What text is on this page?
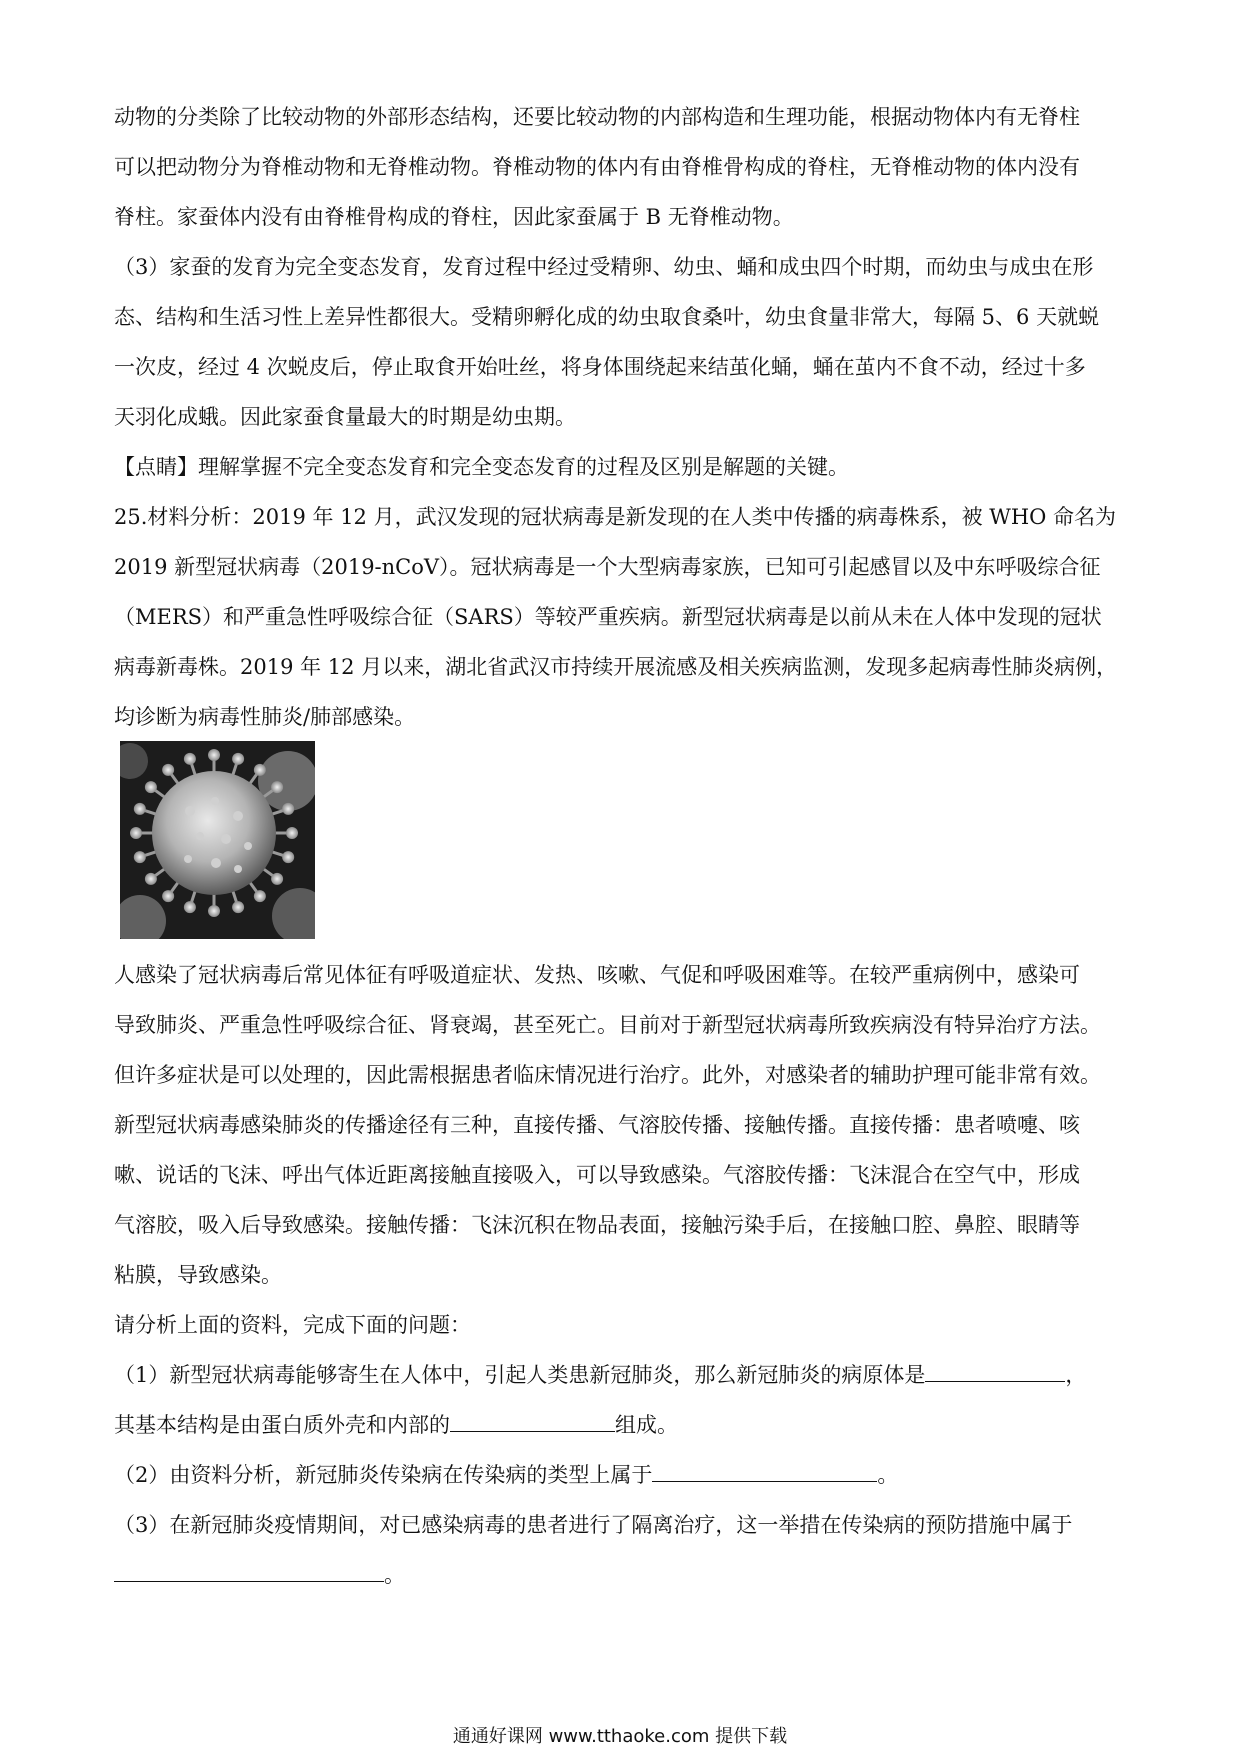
动物的分类除了比较动物的外部形态结构，还要比较动物的内部构造和生理功能，根据动物体内有无脊柱

可以把动物分为脊椎动物和无脊椎动物。脊椎动物的体内有由脊椎骨构成的脊柱，无脊椎动物的体内没有

脊柱。家蚕体内没有由脊椎骨构成的脊柱，因此家蚕属于 B 无脊椎动物。

（3）家蚕的发育为完全变态发育，发育过程中经过受精卵、幼虫、蛹和成虫四个时期，而幼虫与成虫在形

态、结构和生活习性上差异性都很大。受精卵孵化成的幼虫取食桑叶，幼虫食量非常大，每隔 5、6 天就蜕

一次皮，经过 4 次蜕皮后，停止取食开始吐丝，将身体围绕起来结茧化蛹，蛹在茧内不食不动，经过十多

天羽化成蛾。因此家蚕食量最大的时期是幼虫期。

【点睛】理解掌握不完全变态发育和完全变态发育的过程及区别是解题的关键。

25.材料分析：2019 年 12 月，武汉发现的冠状病毒是新发现的在人类中传播的病毒株系，被 WHO 命名为

2019 新型冠状病毒（2019-nCoV）。冠状病毒是一个大型病毒家族，已知可引起感冒以及中东呼吸综合征

（MERS）和严重急性呼吸综合征（SARS）等较严重疾病。新型冠状病毒是以前从未在人体中发现的冠状

病毒新毒株。2019 年 12 月以来，湖北省武汉市持续开展流感及相关疾病监测，发现多起病毒性肺炎病例，

均诊断为病毒性肺炎/肺部感染。

人感染了冠状病毒后常见体征有呼吸道症状、发热、咳嗽、气促和呼吸困难等。在较严重病例中，感染可

导致肺炎、严重急性呼吸综合征、肾衰竭，甚至死亡。目前对于新型冠状病毒所致疾病没有特异治疗方法。

但许多症状是可以处理的，因此需根据患者临床情况进行治疗。此外，对感染者的辅助护理可能非常有效。

新型冠状病毒感染肺炎的传播途径有三种，直接传播、气溶胶传播、接触传播。直接传播：患者喷嚏、咳

嗽、说话的飞沫、呼出气体近距离接触直接吸入，可以导致感染。气溶胶传播：飞沫混合在空气中，形成

气溶胶，吸入后导致感染。接触传播：飞沫沉积在物品表面，接触污染手后，在接触口腔、鼻腔、眼睛等

粘膜，导致感染。

请分析上面的资料，完成下面的问题：

（1）新型冠状病毒能够寄生在人体中，引起人类患新冠肺炎，那么新冠肺炎的病原体是	，

其基本结构是由蛋白质外壳和内部的	组成。

（2）由资料分析，新冠肺炎传染病在传染病的类型上属于	。

（3）在新冠肺炎疫情期间，对已感染病毒的患者进行了隔离治疗，这一举措在传染病的预防措施中属于

。

通通好课网 www.tthaoke.com 提供下载
